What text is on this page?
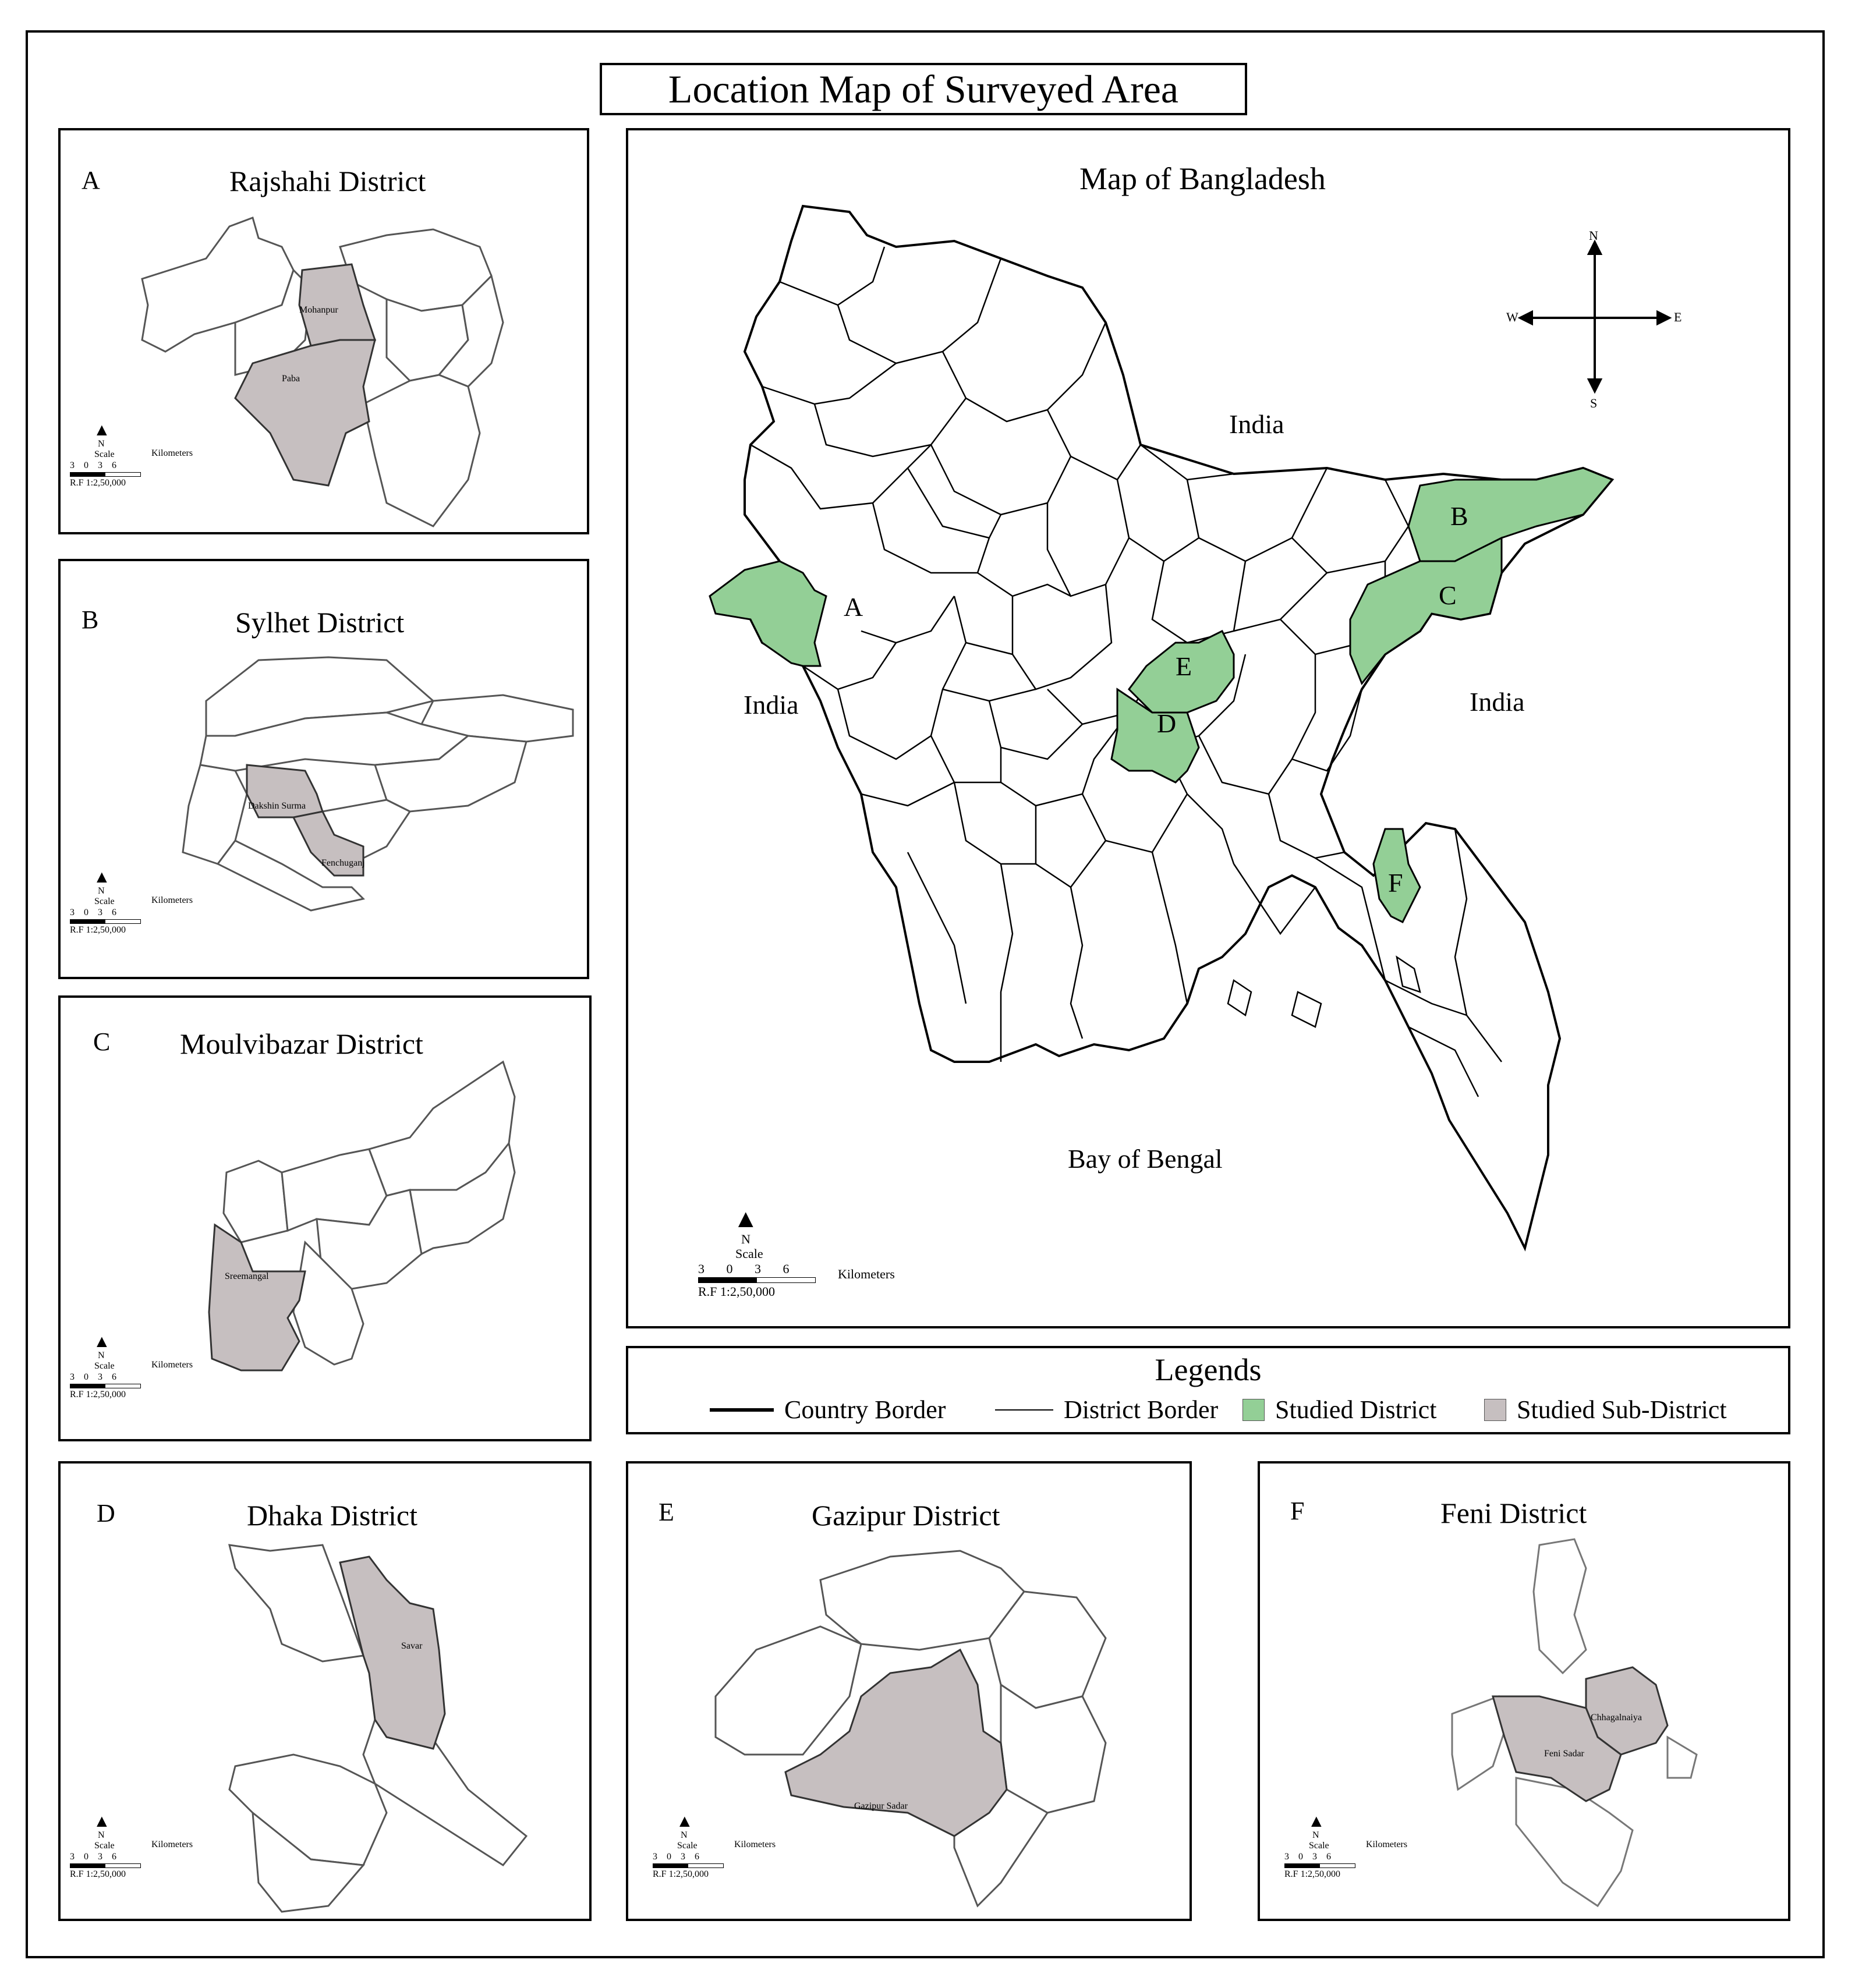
Location Map of Surveyed Area
A	Rajshahi District
Mohanpur
Paba
▲
N
Scale
3 0 3 6
R.F 1:2,50,000
Kilometers
B	Sylhet District
Dakshin Surma
Fenchuganj
▲
N
Scale
3 0 3 6
R.F 1:2,50,000
Kilometers
C Moulvibazar District
Sreemangal
▲
N
Scale
3 0 3 6
R.F 1:2,50,000
Kilometers
D	Dhaka District
Savar
▲
N
Scale
3 0 3 6
R.F 1:2,50,000
Kilometers
E	Gazipur District
Gazipur Sadar
▲
N
Scale
3 0 3 6
R.F 1:2,50,000
Kilometers
F	Feni District
Chhagalnaiya
Feni Sadar
▲
N
Scale
3 0 3 6
R.F 1:2,50,000
Kilometers
Map of Bangladesh
N
S
E
W
India
India	India
Bay of Bengal
A
B
C
D
E
F
▲
N
Scale
3 0 3 6
R.F 1:2,50,000
Kilometers
Legends
Country Border	District Border Studied District	Studied Sub-District
